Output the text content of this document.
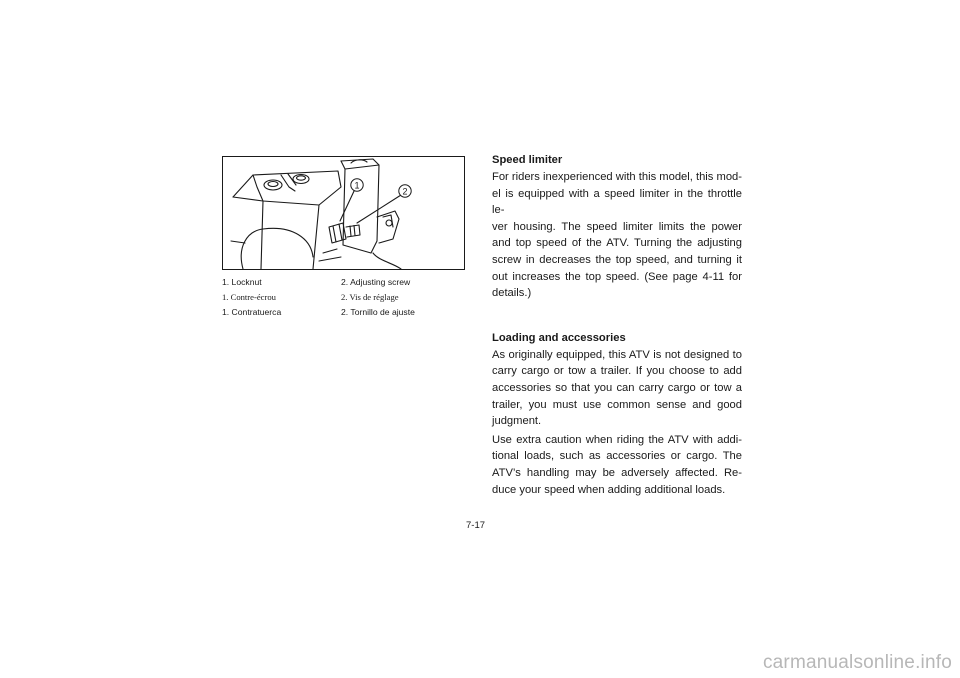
1
2
1. Locknut	2. Adjusting screw
1. Contre-écrou	2. Vis de réglage
1. Contratuerca	2. Tornillo de ajuste

Speed limiter

For riders inexperienced with this model, this mod-
el is equipped with a speed limiter in the throttle le-
ver housing. The speed limiter limits the power
and top speed of the ATV. Turning the adjusting
screw in decreases the top speed, and turning it
out increases the top speed. (See page 4-11 for
details.)

Loading and accessories

As originally equipped, this ATV is not designed to
carry cargo or tow a trailer. If you choose to add
accessories so that you can carry cargo or tow a
trailer, you must use common sense and good
judgment.

Use extra caution when riding the ATV with addi-
tional loads, such as accessories or cargo. The
ATV’s handling may be adversely affected. Re-
duce your speed when adding additional loads.

7-17
carmanualsonline.info
